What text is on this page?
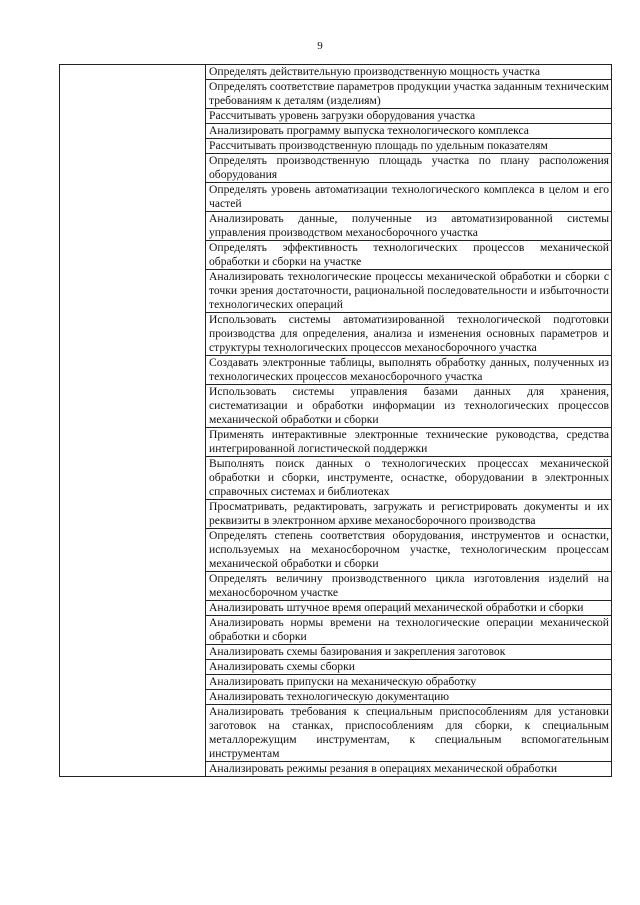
9
	Определять действительную производственную мощность участка
Определять соответствие параметров продукции участка заданным техническим требованиям к деталям (изделиям)
Рассчитывать уровень загрузки оборудования участка
Анализировать программу выпуска технологического комплекса
Рассчитывать производственную площадь по удельным показателям
Определять производственную площадь участка по плану расположения оборудования
Определять уровень автоматизации технологического комплекса в целом и его частей
Анализировать данные, полученные из автоматизированной системы управления производством механосборочного участка
Определять эффективность технологических процессов механической обработки и сборки на участке
Анализировать технологические процессы механической обработки и сборки с точки зрения достаточности, рациональной последовательности и избыточности технологических операций
Использовать системы автоматизированной технологической подготовки производства для определения, анализа и изменения основных параметров и структуры технологических процессов механосборочного участка
Создавать электронные таблицы, выполнять обработку данных, полученных из технологических процессов механосборочного участка
Использовать системы управления базами данных для хранения, систематизации и обработки информации из технологических процессов механической обработки и сборки
Применять интерактивные электронные технические руководства, средства интегрированной логистической поддержки
Выполнять поиск данных о технологических процессах механической обработки и сборки, инструменте, оснастке, оборудовании в электронных справочных системах и библиотеках
Просматривать, редактировать, загружать и регистрировать документы и их реквизиты в электронном архиве механосборочного производства
Определять степень соответствия оборудования, инструментов и оснастки, используемых на механосборочном участке, технологическим процессам механической обработки и сборки
Определять величину производственного цикла изготовления изделий на механосборочном участке
Анализировать штучное время операций механической обработки и сборки
Анализировать нормы времени на технологические операции механической обработки и сборки
Анализировать схемы базирования и закрепления заготовок
Анализировать схемы сборки
Анализировать припуски на механическую обработку
Анализировать технологическую документацию
Анализировать требования к специальным приспособлениям для установки заготовок на станках, приспособлениям для сборки, к специальным металлорежущим инструментам, к специальным вспомогательным инструментам
Анализировать режимы резания в операциях механической обработки
